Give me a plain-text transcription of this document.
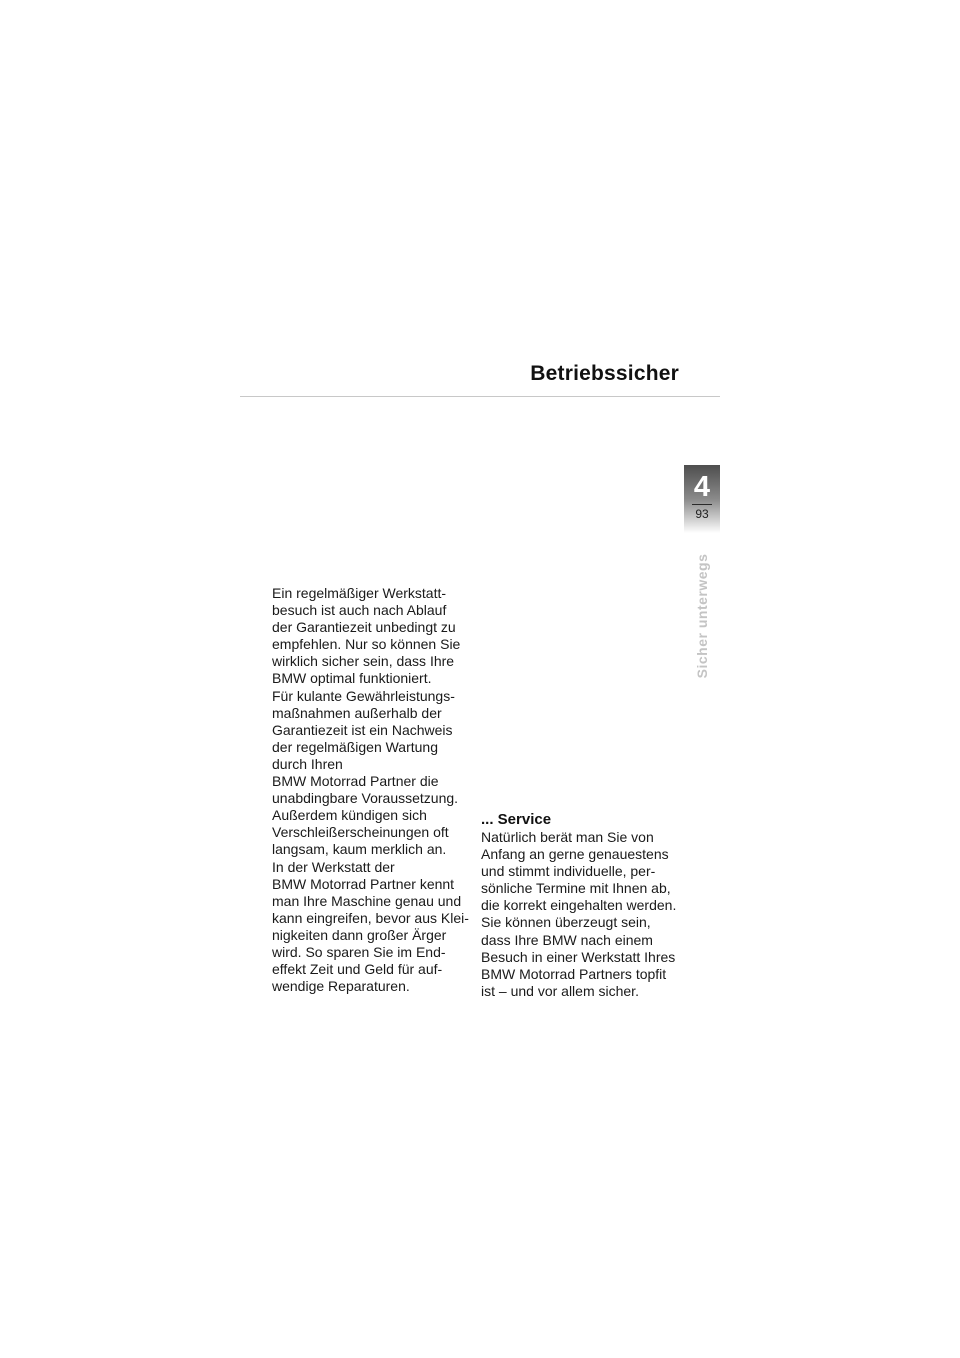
Betriebssicher
4
93
Sicher unterwegs
Ein regelmäßiger Werkstatt-
besuch ist auch nach Ablauf
der Garantiezeit unbedingt zu
empfehlen. Nur so können Sie
wirklich sicher sein, dass Ihre
BMW optimal funktioniert.
Für kulante Gewährleistungs-
maßnahmen außerhalb der
Garantiezeit ist ein Nachweis
der regelmäßigen Wartung
durch Ihren
BMW Motorrad Partner die
unabdingbare Voraussetzung.
Außerdem kündigen sich
Verschleißerscheinungen oft
langsam, kaum merklich an.
In der Werkstatt der
BMW Motorrad Partner kennt
man Ihre Maschine genau und
kann eingreifen, bevor aus Klei-
nigkeiten dann großer Ärger
wird. So sparen Sie im End-
effekt Zeit und Geld für auf-
wendige Reparaturen.
... Service
Natürlich berät man Sie von
Anfang an gerne genauestens
und stimmt individuelle, per-
sönliche Termine mit Ihnen ab,
die korrekt eingehalten werden.
Sie können überzeugt sein,
dass Ihre BMW nach einem
Besuch in einer Werkstatt Ihres
BMW Motorrad Partners topfit
ist – und vor allem sicher.
